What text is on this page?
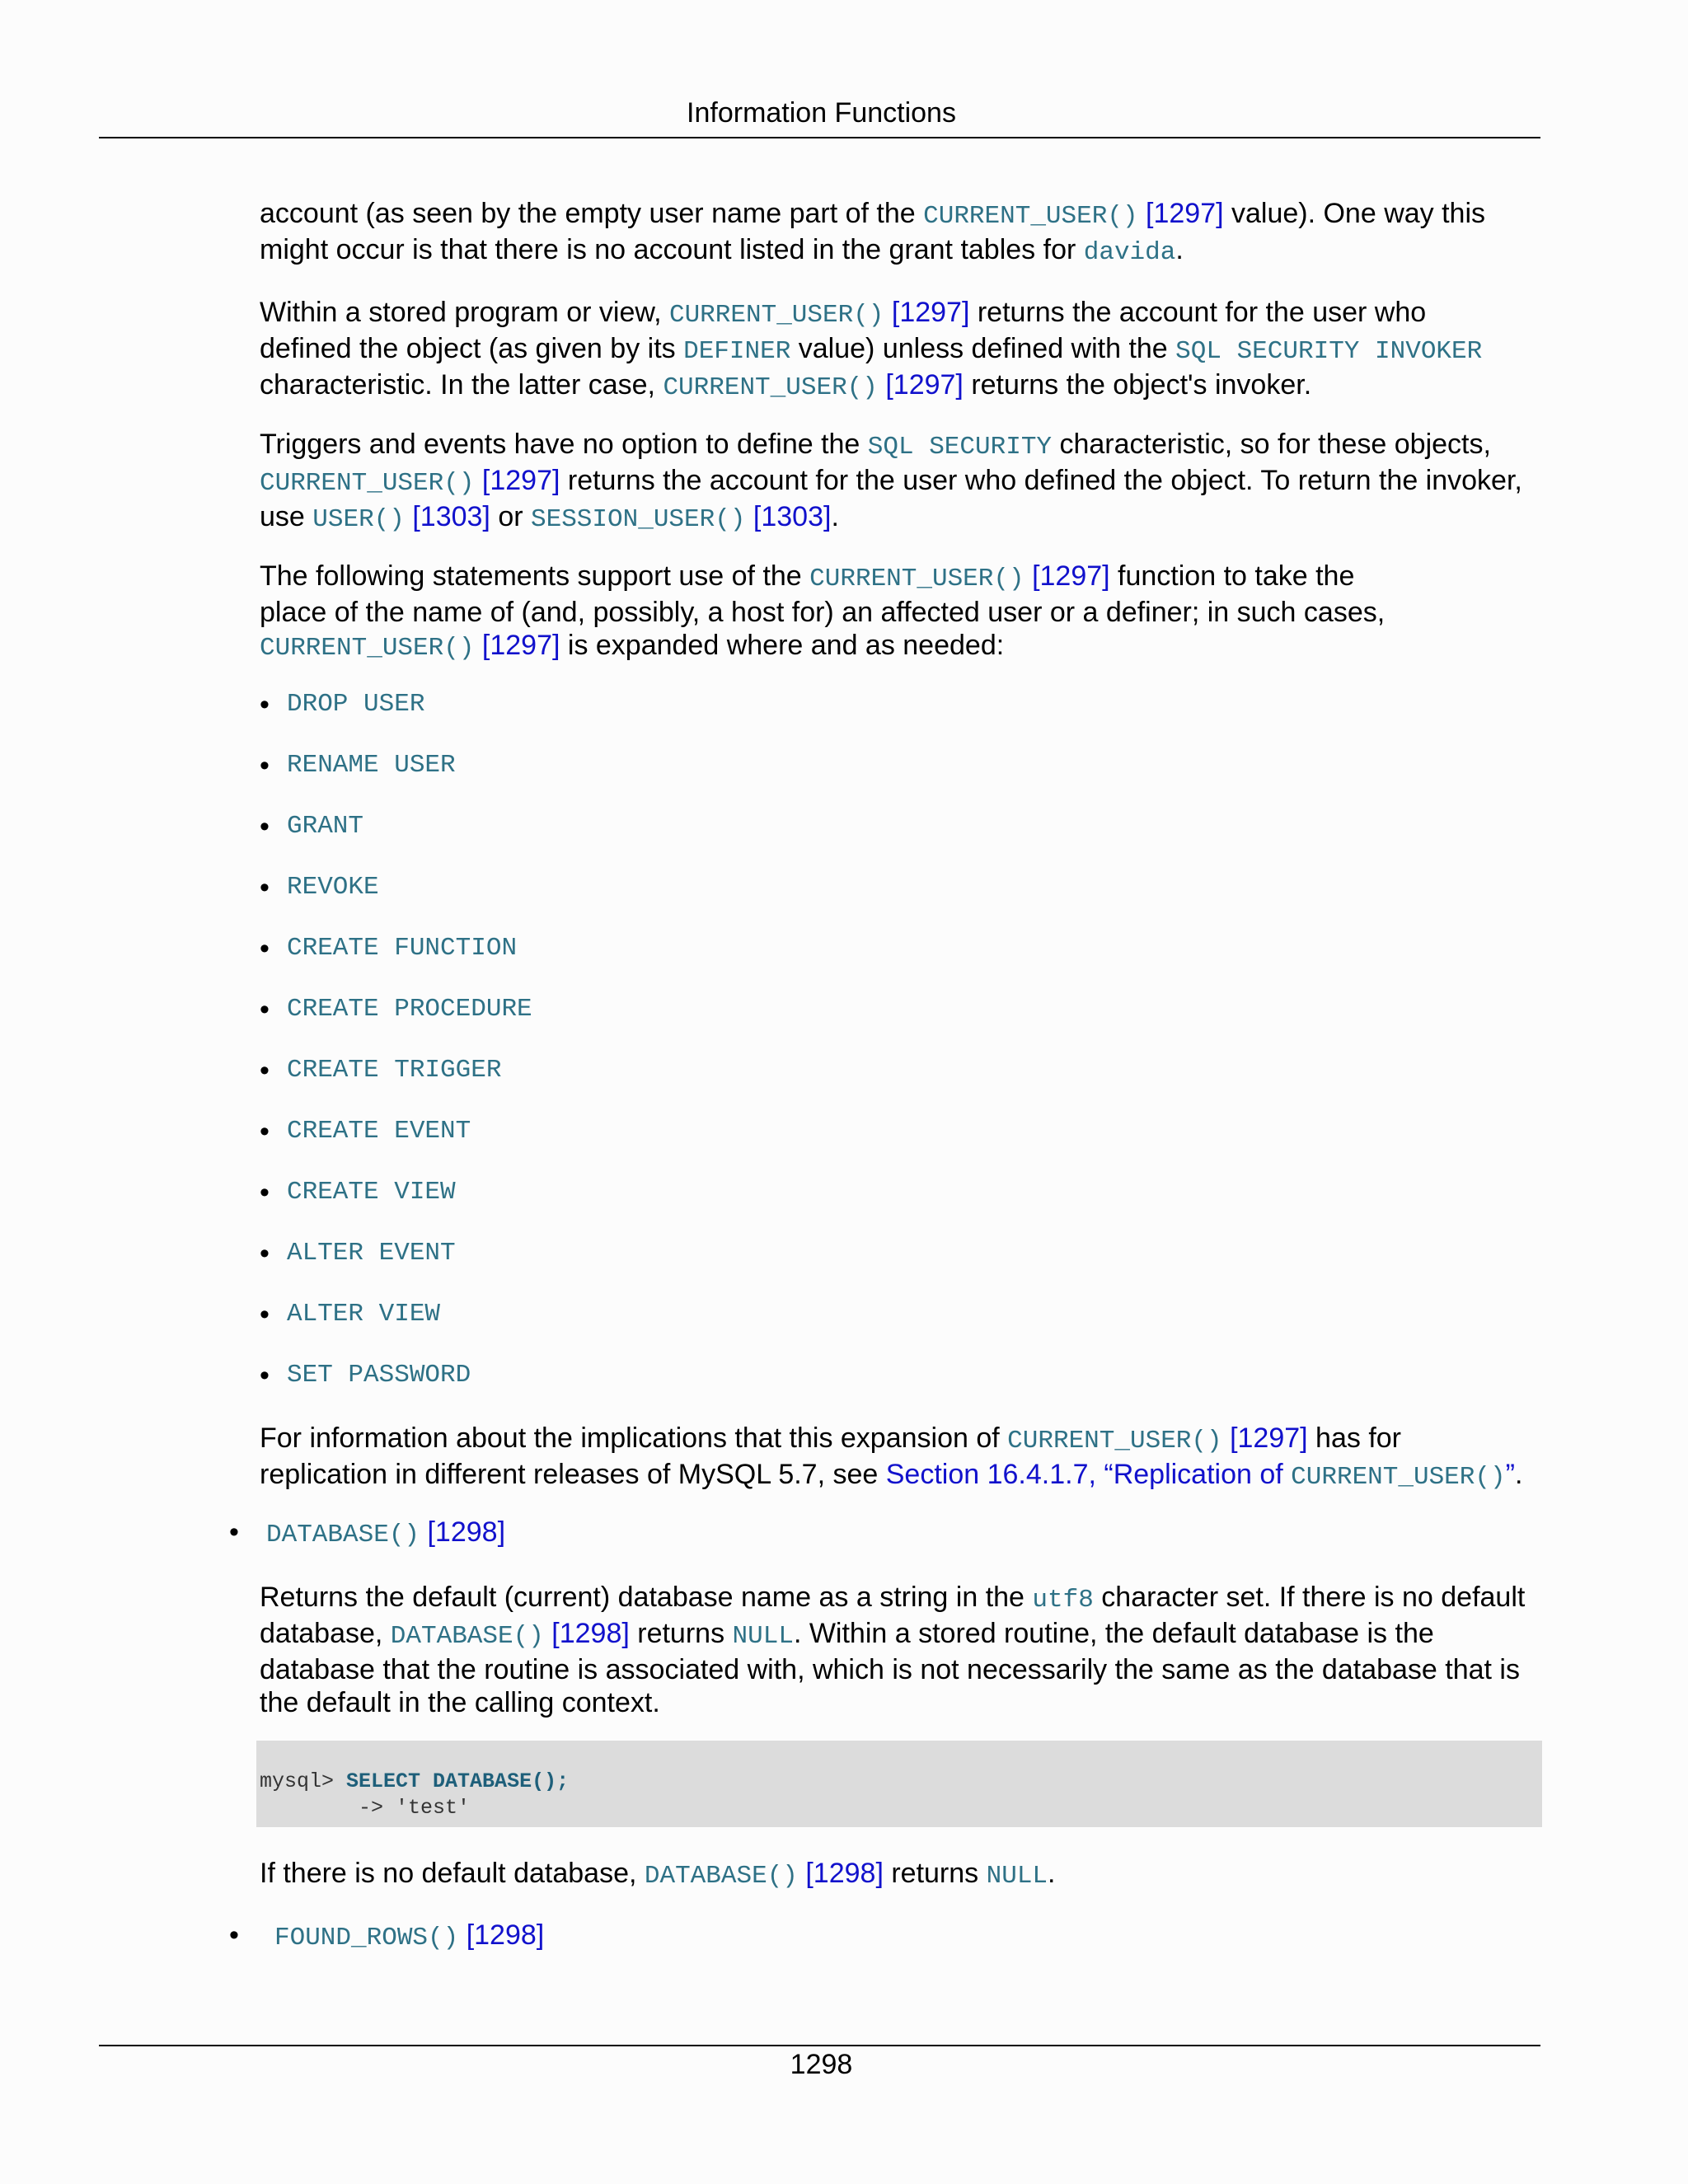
Information Functions

account (as seen by the empty user name part of the CURRENT_USER() [1297] value). One way this
might occur is that there is no account listed in the grant tables for davida.

Within a stored program or view, CURRENT_USER() [1297] returns the account for the user who
defined the object (as given by its DEFINER value) unless defined with the SQL SECURITY INVOKER
characteristic. In the latter case, CURRENT_USER() [1297] returns the object's invoker.

Triggers and events have no option to define the SQL SECURITY characteristic, so for these objects,
CURRENT_USER() [1297] returns the account for the user who defined the object. To return the invoker,
use USER() [1303] or SESSION_USER() [1303].

The following statements support use of the CURRENT_USER() [1297] function to take the
place of the name of (and, possibly, a host for) an affected user or a definer; in such cases,
CURRENT_USER() [1297] is expanded where and as needed:

• DROP USER
• RENAME USER
• GRANT
• REVOKE
• CREATE FUNCTION
• CREATE PROCEDURE
• CREATE TRIGGER
• CREATE EVENT
• CREATE VIEW
• ALTER EVENT
• ALTER VIEW
• SET PASSWORD

For information about the implications that this expansion of CURRENT_USER() [1297] has for
replication in different releases of MySQL 5.7, see Section 16.4.1.7, “Replication of CURRENT_USER()”.

• DATABASE() [1298]

Returns the default (current) database name as a string in the utf8 character set. If there is no default
database, DATABASE() [1298] returns NULL. Within a stored routine, the default database is the
database that the routine is associated with, which is not necessarily the same as the database that is
the default in the calling context.

mysql> SELECT DATABASE();
-> 'test'

If there is no default database, DATABASE() [1298] returns NULL.

• FOUND_ROWS() [1298]
1298
